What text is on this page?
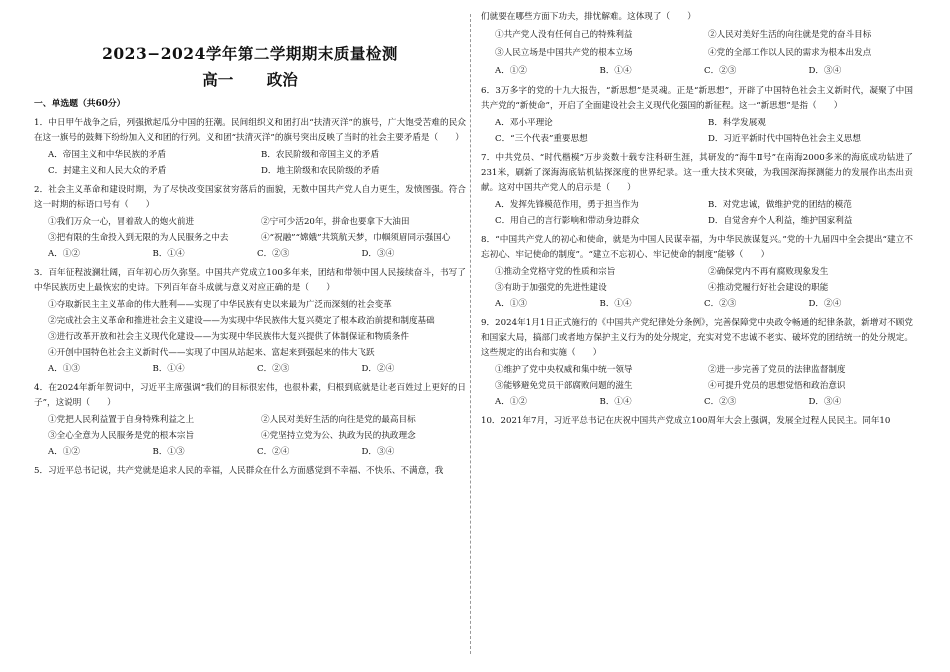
2023−2024学年第二学期期末质量检测
高一 政治
一、单选题（共60分）
1．中日甲午战争之后，列强掀起瓜分中国的狂潮。民间组织义和团打出“扶清灭洋”的旗号，广大饱受苦难的民众在这一旗号的鼓舞下纷纷加入义和团的行列。义和团“扶清灭洋”的旗号突出反映了当时的社会主要矛盾是（　　）
A．帝国主义和中华民族的矛盾	B．农民阶级和帝国主义的矛盾
C．封建主义和人民大众的矛盾	D．地主阶级和农民阶级的矛盾
2．社会主义革命和建设时期，为了尽快改变国家贫穷落后的面貌，无数中国共产党人自力更生，发愤图强。符合这一时期的标语口号有（　　）
①我们万众一心，冒着敌人的炮火前进	②宁可少活20年，拼命也要拿下大油田
③把有限的生命投入到无限的为人民服务之中去	④“祝融”“嫦娥”共筑航天梦，巾帼须眉同示强国心
A．①②	B．①④	C．②③	D．③④
3．百年征程波澜壮阔，百年初心历久弥坚。中国共产党成立100多年来，团结和带领中国人民接续奋斗，书写了中华民族历史上最恢宏的史诗。下列百年奋斗成就与意义对应正确的是（　　）
①夺取新民主主义革命的伟大胜利——实现了中华民族有史以来最为广泛而深刻的社会变革
②完成社会主义革命和推进社会主义建设——为实现中华民族伟大复兴奠定了根本政治前提和制度基础
③进行改革开放和社会主义现代化建设——为实现中华民族伟大复兴提供了体制保证和物质条件
④开创中国特色社会主义新时代——实现了中国从站起来、富起来到强起来的伟大飞跃
A．①③	B．①④	C．②③	D．②④
4．在2024年新年贺词中，习近平主席强调“我们的目标很宏伟，也很朴素，归根到底就是让老百姓过上更好的日子”，这说明（　　）
①党把人民利益置于自身特殊利益之上	②人民对美好生活的向往是党的最高目标
③全心全意为人民服务是党的根本宗旨	④党坚持立党为公、执政为民的执政理念
A．①②	B．①③	C．②④	D．③④
5．习近平总书记说，共产党就是追求人民的幸福，人民群众在什么方面感觉到不幸福、不快乐、不满意，我
们就要在哪些方面下功夫，排忧解难。这体现了（　　）
①共产党人没有任何自己的特殊利益	②人民对美好生活的向往就是党的奋斗目标
③人民立场是中国共产党的根本立场	④党的全部工作以人民的需求为根本出发点
A．①②	B．①④	C．②③	D．③④
6．3万多字的党的十九大报告，“新思想”是灵魂。正是“新思想”，开辟了中国特色社会主义新时代，凝聚了中国共产党的“新使命”，开启了全面建设社会主义现代化强国的新征程。这一“新思想”是指（　　）
A．邓小平理论	B．科学发展观
C．“三个代表”重要思想	D．习近平新时代中国特色社会主义思想
7．中共党员、“时代楷模”万步炎数十载专注科研生涯，其研发的“海牛Ⅱ号”在南海2000多米的海底成功钻进了231米，刷新了深海海底钻机钻探深度的世界纪录。这一重大技术突破，为我国深海探测能力的发展作出杰出贡献。这对中国共产党人的启示是（　　）
A．发挥先锋模范作用，勇于担当作为	B．对党忠诚，做维护党的团结的模范
C．用自己的言行影响和带动身边群众	D．自觉舍弃个人利益，维护国家利益
8．“中国共产党人的初心和使命，就是为中国人民谋幸福，为中华民族谋复兴。”党的十九届四中全会提出“建立不忘初心、牢记使命的制度”。“建立不忘初心、牢记使命的制度”能够（　　）
①推动全党格守党的性质和宗旨	②确保党内不再有腐败现象发生
③有助于加强党的先进性建设	④推动党履行好社会建设的职能
A．①③	B．①④	C．②③	D．②④
9．2024年1月1日正式施行的《中国共产党纪律处分条例》，完善保障党中央政令畅通的纪律条款，新增对不顾党和国家大局，搞部门或者地方保护主义行为的处分规定，充实对党不忠诚不老实、破坏党的团结统一的处分规定。这些规定的出台和实施（　　）
①维护了党中央权威和集中统一领导	②进一步完善了党员的法律监督制度
③能够避免党员干部腐败问题的滋生	④可提升党员的思想觉悟和政治意识
A．①②	B．①④	C．②③	D．③④
10．2021年7月，习近平总书记在庆祝中国共产党成立100周年大会上强调，发展全过程人民民主。同年10
